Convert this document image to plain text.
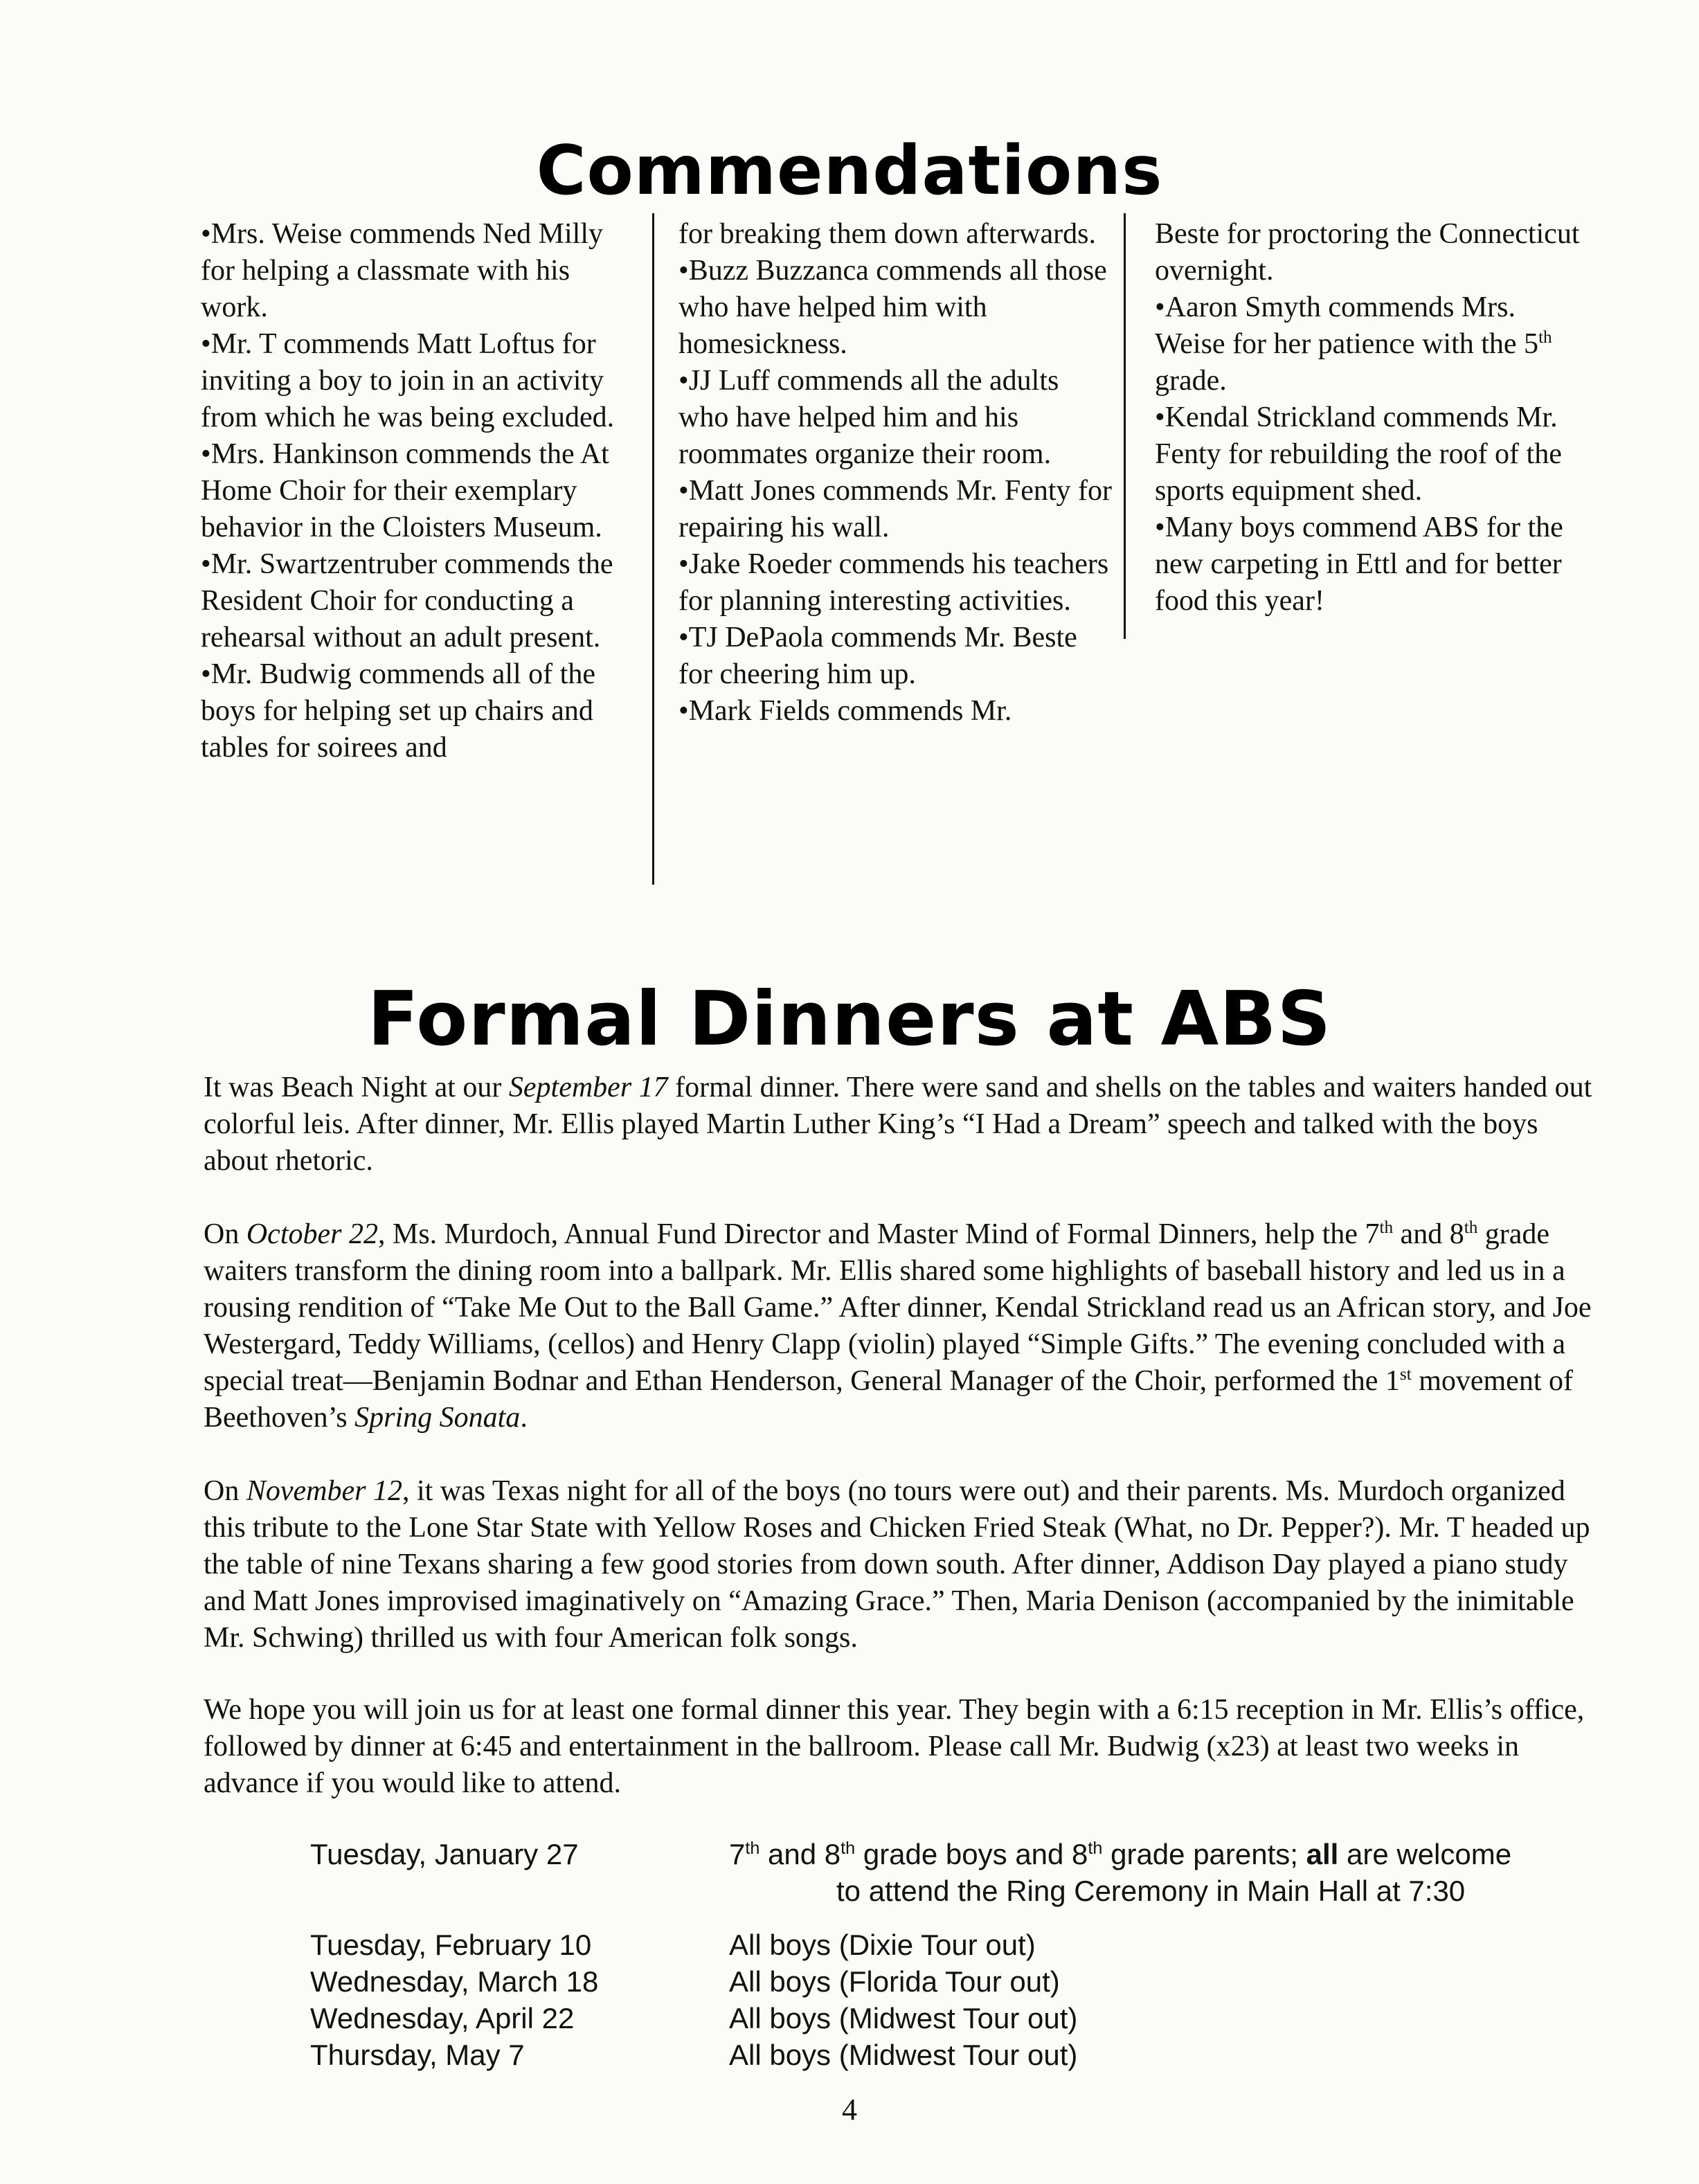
Commendations

•Mrs. Weise commends Ned Milly for helping a classmate with his work.

•Mr. T commends Matt Loftus for inviting a boy to join in an activity from which he was being excluded.

•Mrs. Hankinson commends the At Home Choir for their exemplary behavior in the Cloisters Museum.

•Mr. Swartzentruber commends the Resident Choir for conducting a rehearsal without an adult present.

•Mr. Budwig commends all of the boys for helping set up chairs and tables for soirees and

for breaking them down afterwards.

•Buzz Buzzanca commends all those who have helped him with homesickness.

•JJ Luff commends all the adults who have helped him and his roommates organize their room.

•Matt Jones commends Mr. Fenty for repairing his wall.

•Jake Roeder commends his teachers for planning interesting activities.

•TJ DePaola commends Mr. Beste for cheering him up.

•Mark Fields commends Mr.

Beste for proctoring the Connecticut overnight.

•Aaron Smyth commends Mrs. Weise for her patience with the 5th grade.

•Kendal Strickland commends Mr. Fenty for rebuilding the roof of the sports equipment shed.

•Many boys commend ABS for the new carpeting in Ettl and for better food this year!

Formal Dinners at ABS

It was Beach Night at our September 17 formal dinner. There were sand and shells on the tables and waiters handed out colorful leis. After dinner, Mr. Ellis played Martin Luther King’s “I Had a Dream” speech and talked with the boys about rhetoric.

On October 22, Ms. Murdoch, Annual Fund Director and Master Mind of Formal Dinners, help the 7th and 8th grade waiters transform the dining room into a ballpark. Mr. Ellis shared some highlights of baseball history and led us in a rousing rendition of “Take Me Out to the Ball Game.” After dinner, Kendal Strickland read us an African story, and Joe Westergard, Teddy Williams, (cellos) and Henry Clapp (violin) played “Simple Gifts.” The evening concluded with a special treat—Benjamin Bodnar and Ethan Henderson, General Manager of the Choir, performed the 1st movement of Beethoven’s Spring Sonata.

On November 12, it was Texas night for all of the boys (no tours were out) and their parents. Ms. Murdoch organized this tribute to the Lone Star State with Yellow Roses and Chicken Fried Steak (What, no Dr. Pepper?). Mr. T headed up the table of nine Texans sharing a few good stories from down south. After dinner, Addison Day played a piano study and Matt Jones improvised imaginatively on “Amazing Grace.” Then, Maria Denison (accompanied by the inimitable Mr. Schwing) thrilled us with four American folk songs.

We hope you will join us for at least one formal dinner this year. They begin with a 6:15 reception in Mr. Ellis’s office, followed by dinner at 6:45 and entertainment in the ballroom. Please call Mr. Budwig (x23) at least two weeks in advance if you would like to attend.

Tuesday, January 27	7th and 8th grade boys and 8th grade parents; all are welcome
to attend the Ring Ceremony in Main Hall at 7:30
Tuesday, February 10	All boys (Dixie Tour out)
Wednesday, March 18	All boys (Florida Tour out)
Wednesday, April 22	All boys (Midwest Tour out)
Thursday, May 7	All boys (Midwest Tour out)
4
